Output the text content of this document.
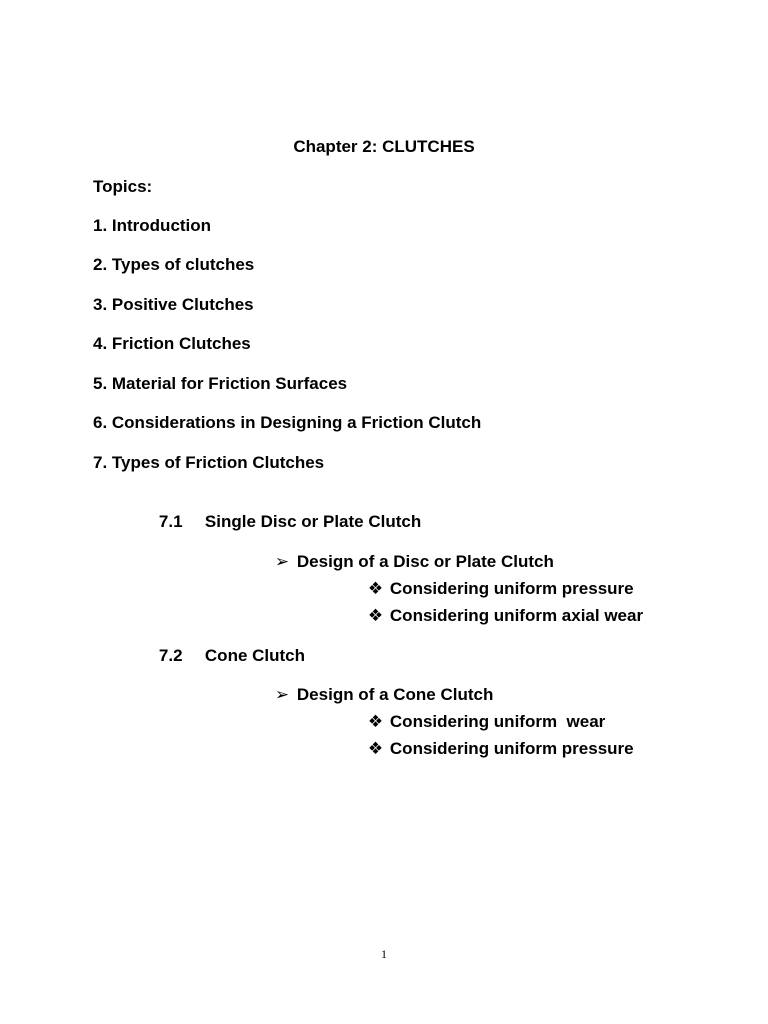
Chapter 2: CLUTCHES
Topics:
1. Introduction
2. Types of clutches
3. Positive Clutches
4. Friction Clutches
5. Material for Friction Surfaces
6. Considerations in Designing a Friction Clutch
7. Types of Friction Clutches

7.1 Single Disc or Plate Clutch

➢ Design of a Disc or Plate Clutch

❖ Considering uniform pressure

❖ Considering uniform axial wear

7.2 Cone Clutch

➢ Design of a Cone Clutch

❖ Considering uniform  wear

❖ Considering uniform pressure

1
